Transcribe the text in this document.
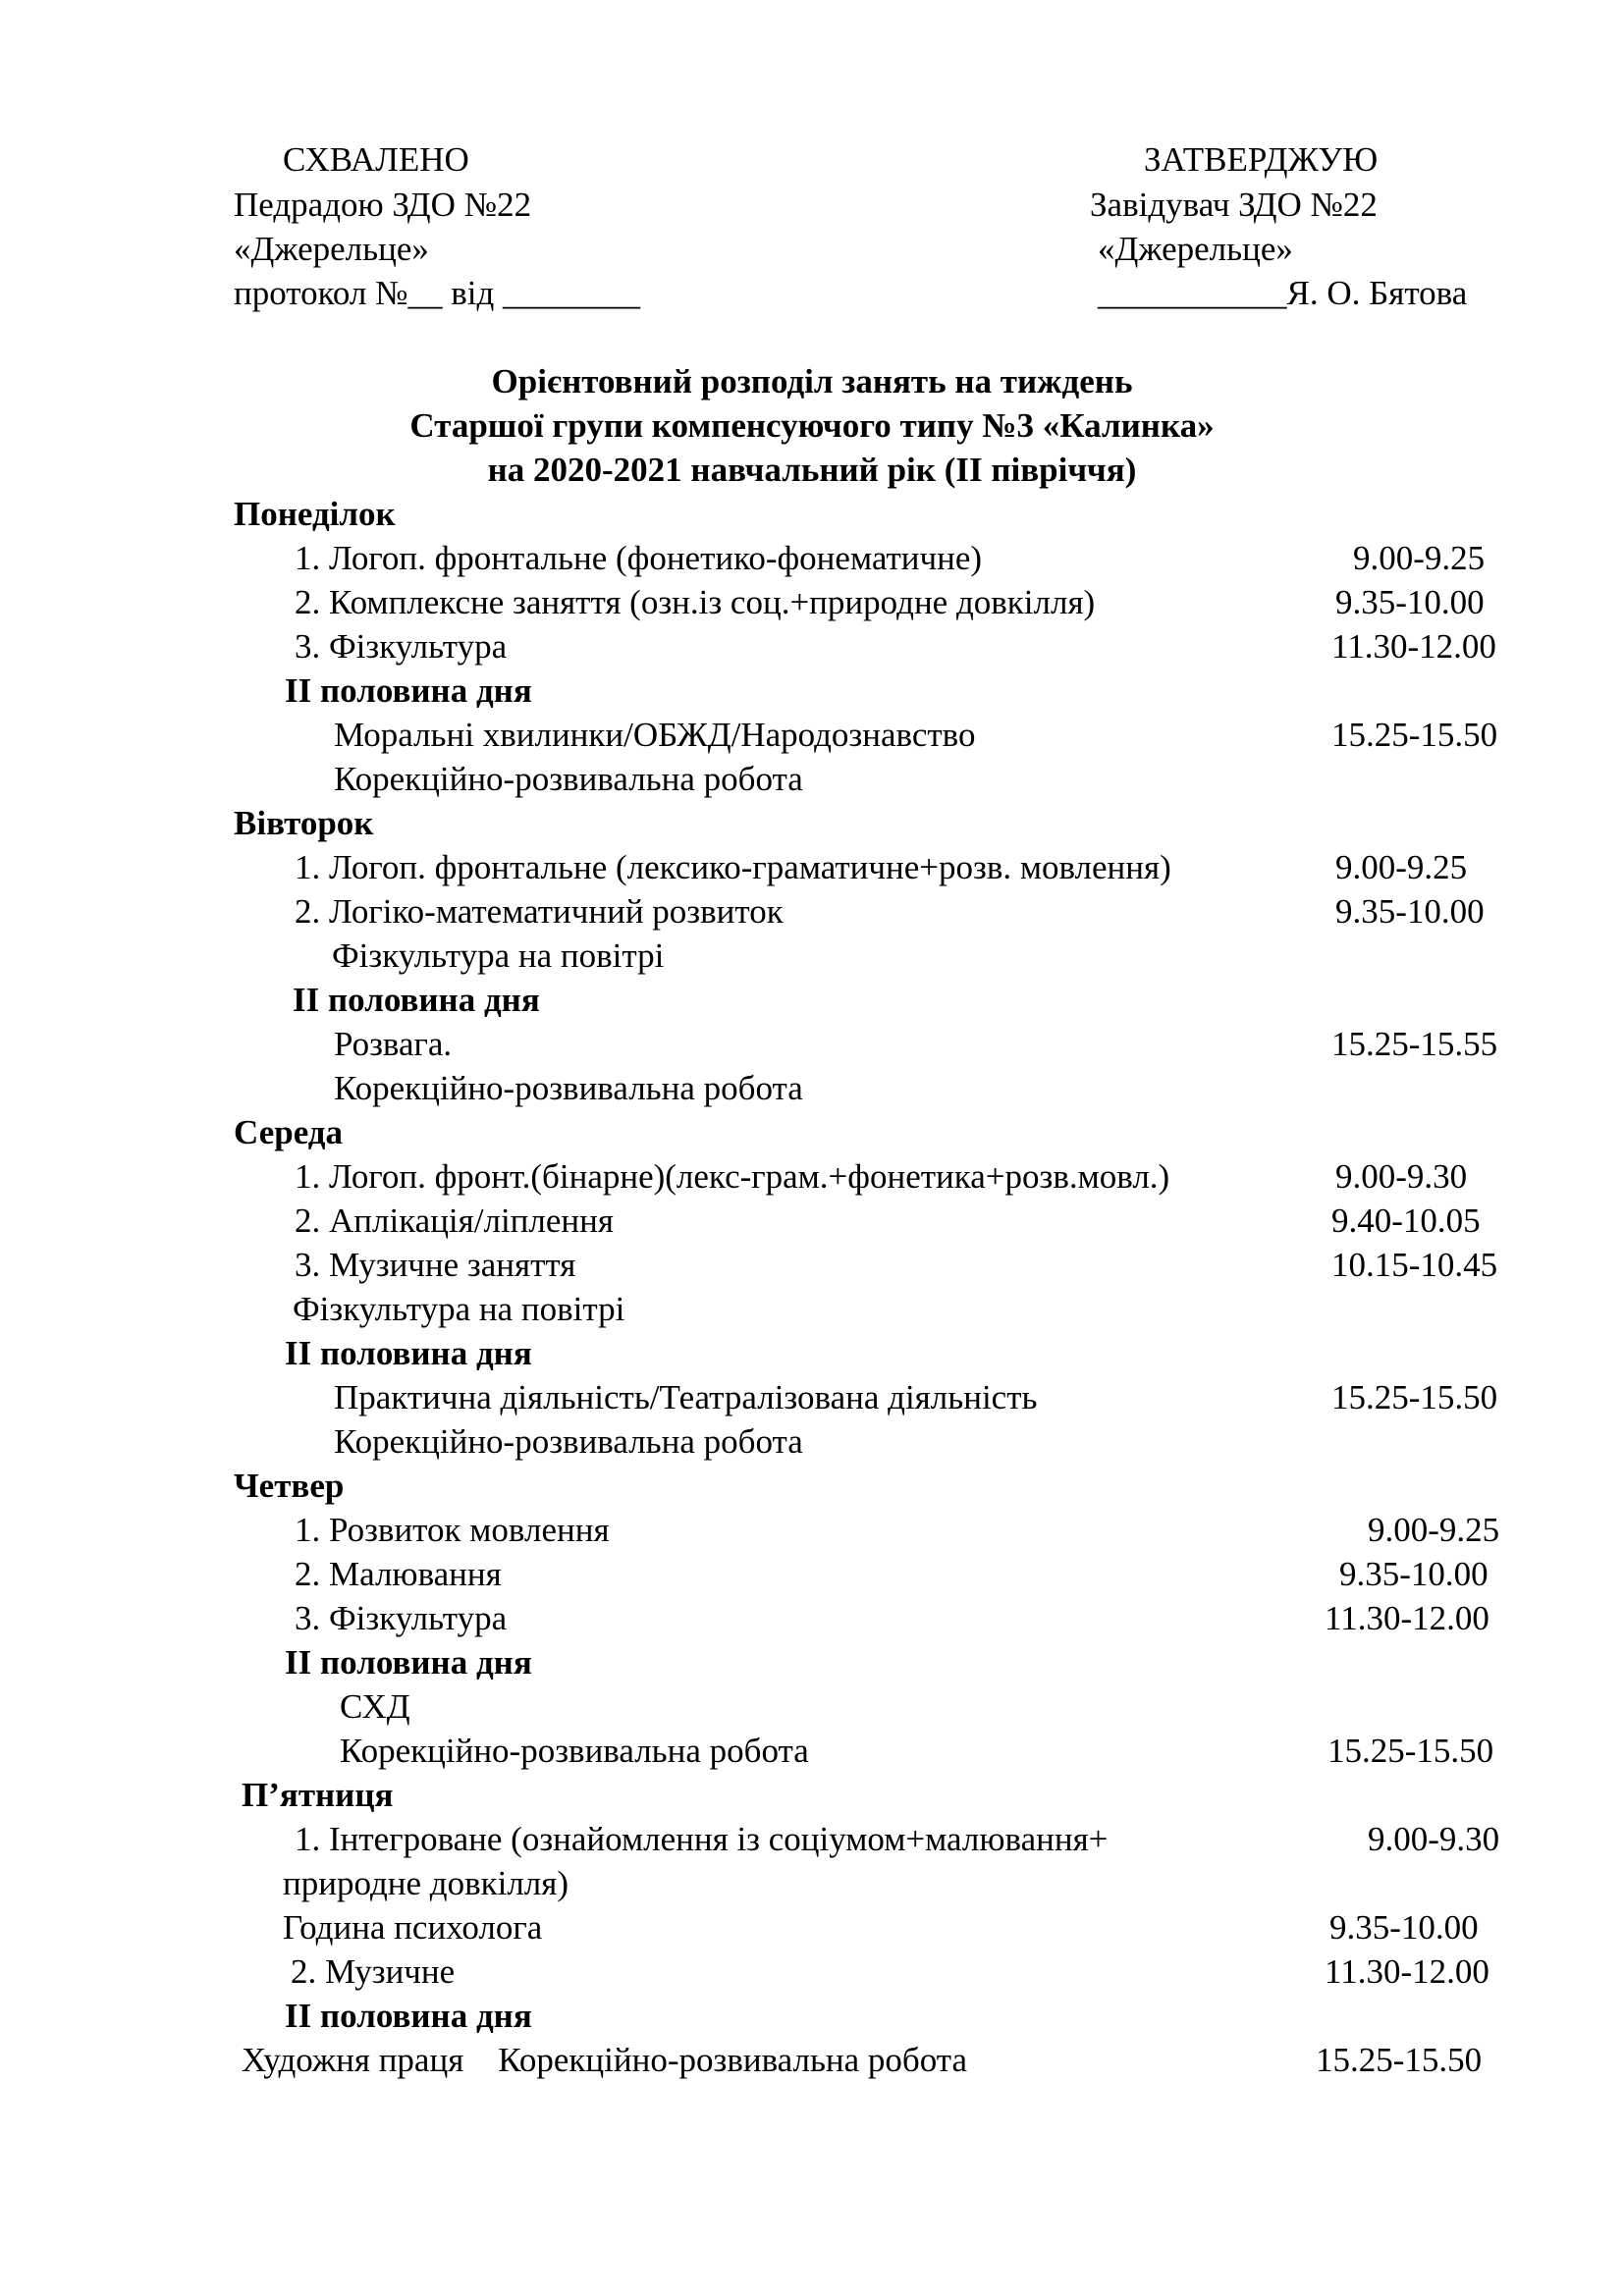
СХВАЛЕНО
Педрадою ЗДО №22
«Джерельце»
протокол №__ від ________
ЗАТВЕРДЖУЮ
Завідувач ЗДО №22
«Джерельце»
___________Я. О. Бятова
Орієнтовний розподіл занять на тиждень
Старшої групи компенсуючого типу №3 «Калинка»
на 2020-2021 навчальний рік (ІІ півріччя)
Понеділок
1. Логоп. фронтальне (фонетико-фонематичне)	9.00-9.25
2. Комплексне заняття (озн.із соц.+природне довкілля)	9.35-10.00
3. Фізкультура	11.30-12.00
ІІ половина дня
Моральні хвилинки/ОБЖД/Народознавство	15.25-15.50
Корекційно-розвивальна робота
Вівторок
1. Логоп. фронтальне (лексико-граматичне+розв. мовлення)	9.00-9.25
2. Логіко-математичний розвиток	9.35-10.00
Фізкультура на повітрі
ІІ половина дня
Розвага.	15.25-15.55
Корекційно-розвивальна робота
Середа
1. Логоп. фронт.(бінарне)(лекс-грам.+фонетика+розв.мовл.)	9.00-9.30
2. Аплікація/ліплення	9.40-10.05
3. Музичне заняття	10.15-10.45
Фізкультура на повітрі
ІІ половина дня
Практична діяльність/Театралізована діяльність	15.25-15.50
Корекційно-розвивальна робота
Четвер
1. Розвиток мовлення	9.00-9.25
2. Малювання	9.35-10.00
3. Фізкультура	11.30-12.00
ІІ половина дня
СХД
Корекційно-розвивальна робота	15.25-15.50
П’ятниця
1. Інтегроване (ознайомлення із соціумом+малювання+	9.00-9.30
природне довкілля)
Година психолога	9.35-10.00
2. Музичне	11.30-12.00
ІІ половина дня
Художня праця    Корекційно-розвивальна робота	15.25-15.50
